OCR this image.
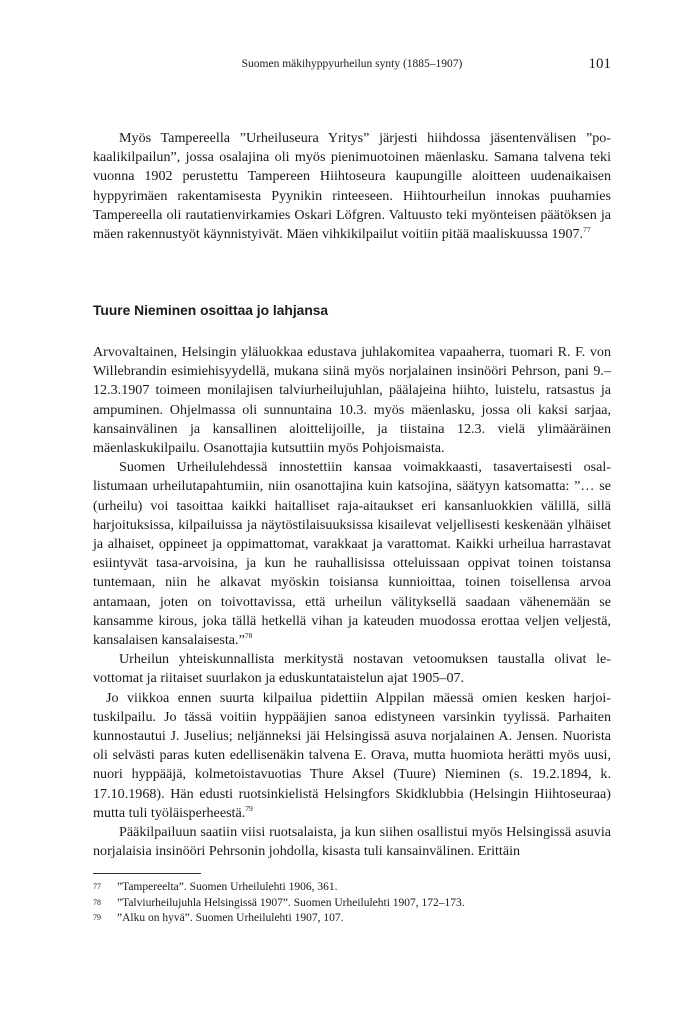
Suomen mäkihyppyurheilun synty (1885–1907)	101

Myös Tampereella ”Urheiluseura Yritys” järjesti hiihdossa jäsentenvälisen ”pokaalikilpailun”, jossa osalajina oli myös pienimuotoinen mäenlasku. Samana talvena teki vuonna 1902 perustettu Tampereen Hiihtoseura kaupungille aloitteen uudenaikaisen hyppyrimäen rakentamisesta Pyynikin rinteeseen. Hiihtourheilun innokas puuhamies Tampereella oli rautatienvirkamies Oskari Löfgren. Valtuusto teki myönteisen päätöksen ja mäen rakennustyöt käynnistyivät. Mäen vihkikilpailut voitiin pitää maaliskuussa 1907.77

Tuure Nieminen osoittaa jo lahjansa

Arvovaltainen, Helsingin yläluokkaa edustava juhlakomitea vapaaherra, tuomari R. F. von Willebrandin esimiehisyydellä, mukana siinä myös norjalainen insinööri Pehrson, pani 9.–12.3.1907 toimeen monilajisen talviurheilujuhlan, päälajeina hiihto, luistelu, ratsastus ja ampuminen. Ohjelmassa oli sunnuntaina 10.3. myös mäenlasku, jossa oli kaksi sarjaa, kansainvälinen ja kansallinen aloittelijoille, ja tiistaina 12.3. vielä ylimääräinen mäenlaskukilpailu. Osanottajia kutsuttiin myös Pohjoismaista.

Suomen Urheilulehdessä innostettiin kansaa voimakkaasti, tasavertaisesti osallistumaan urheilutapahtumiin, niin osanottajina kuin katsojina, säätyyn katsomatta: ”… se (urheilu) voi tasoittaa kaikki haitalliset raja-aitaukset eri kansanluokkien välillä, sillä harjoituksissa, kilpailuissa ja näytöstilaisuuksissa kisailevat veljellisesti keskenään ylhäiset ja alhaiset, oppineet ja oppimattomat, varakkaat ja varattomat. Kaikki urheilua harrastavat esiintyvät tasa-arvoisina, ja kun he rauhallisissa otteluissaan oppivat toinen toistansa tuntemaan, niin he alkavat myöskin toisiansa kunnioittaa, toinen toisellensa arvoa antamaan, joten on toivottavissa, että urheilun välityksellä saadaan vähenemään se kansamme kirous, joka tällä hetkellä vihan ja kateuden muodossa erottaa veljen veljestä, kansalaisen kansalaisesta.”$^{78}$

Urheilun yhteiskunnallista merkitystä nostavan vetoomuksen taustalla olivat levottomat ja riitaiset suurlakon ja eduskuntataistelun ajat 1905–07.

Jo viikkoa ennen suurta kilpailua pidettiin Alppilan mäessä omien kesken harjoituskilpailu. Jo tässä voitiin hyppääjien sanoa edistyneen varsinkin tyylissä. Parhaiten kunnostautui J. Juselius; neljänneksi jäi Helsingissä asuva norjalainen A. Jensen. Nuorista oli selvästi paras kuten edellisenäkin talvena E. Orava, mutta huomiota herätti myös uusi, nuori hyppääjä, kolmetoistavuotias Thure Aksel (Tuure) Nieminen (s. 19.2.1894, k. 17.10.1968). Hän edusti ruotsinkielistä Helsingfors Skidklubbia (Helsingin Hiihtoseuraa) mutta tuli työläisperheestä.$^{79}$

Pääkilpailuun saatiin viisi ruotsalaista, ja kun siihen osallistui myös Helsingissä asuvia norjalaisia insinööri Pehrsonin johdolla, kisasta tuli kansainvälinen. Erittäin

77	”Tampereelta”. Suomen Urheilulehti 1906, 361.
78	”Talviurheilujuhla Helsingissä 1907”. Suomen Urheilulehti 1907, 172–173.
79	”Alku on hyvä”. Suomen Urheilulehti 1907, 107.
